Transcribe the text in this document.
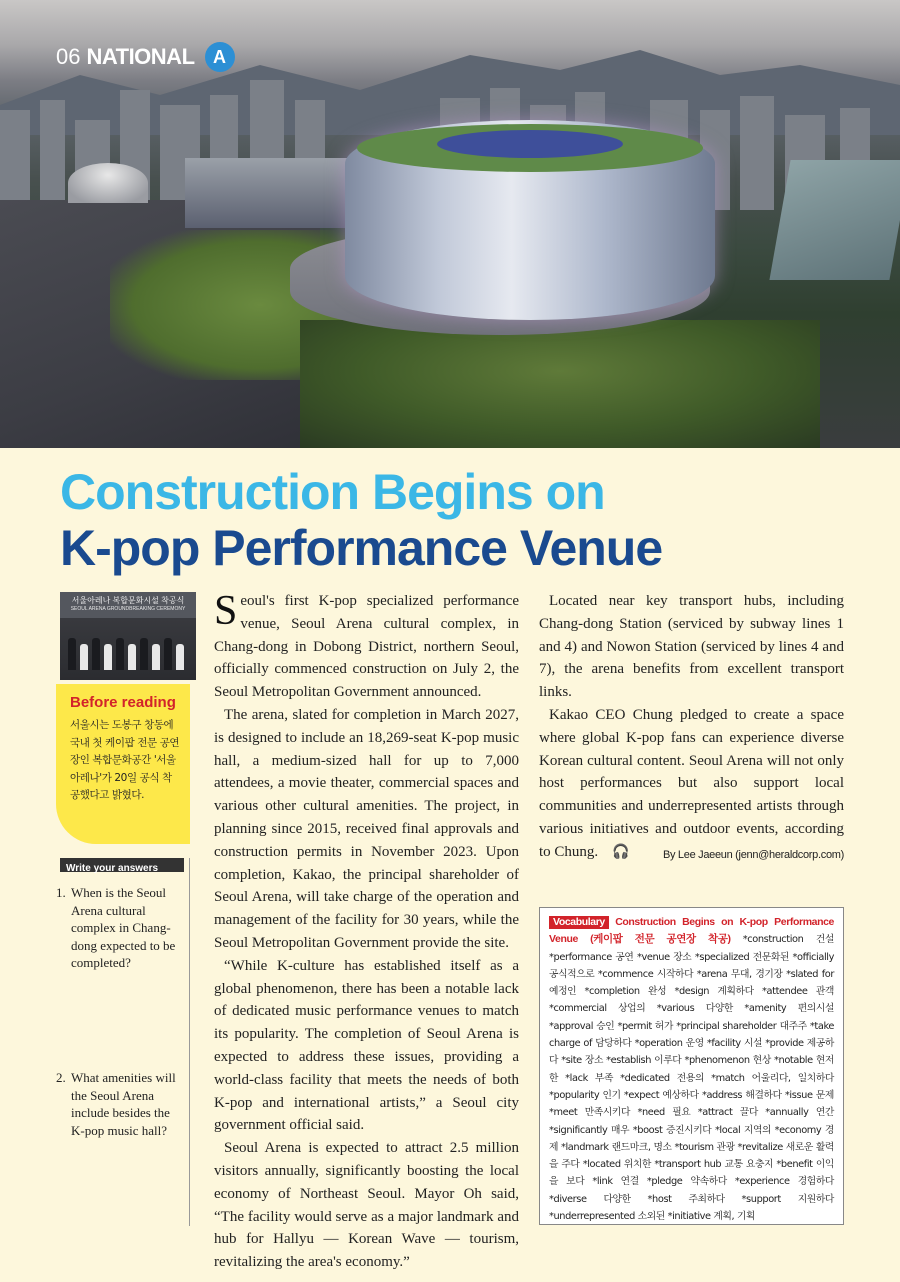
06 NATIONAL	A
Construction Begins on
K-pop Performance Venue
서울아레나 복합문화시설 착공식
SEOUL ARENA GROUNDBREAKING CEREMONY
Before reading
서울시는 도봉구 창동에 국내 첫 케이팝 전문 공연장인 복합문화공간 '서울아레나'가 20일 공식 착공했다고 밝혔다.
Write your answers
1. When is the Seoul Arena cultural complex in Chang-dong expected to be completed?
2. What amenities will the Seoul Arena include besides the K-pop music hall?

Seoul's first K-pop specialized performance venue, Seoul Arena cultural complex, in Chang-dong in Dobong District, northern Seoul, officially commenced construction on July 2, the Seoul Metropolitan Government announced.

The arena, slated for completion in March 2027, is designed to include an 18,269-seat K-pop music hall, a medium-sized hall for up to 7,000 attendees, a movie theater, commercial spaces and various other cultural amenities. The project, in planning since 2015, received final approvals and construction permits in November 2023. Upon completion, Kakao, the principal shareholder of Seoul Arena, will take charge of the operation and management of the facility for 30 years, while the Seoul Metropolitan Government provide the site.

“While K-culture has established itself as a global phenomenon, there has been a notable lack of dedicated music performance venues to match its popularity. The completion of Seoul Arena is expected to address these issues, providing a world-class facility that meets the needs of both K-pop and international artists,” a Seoul city government official said.

Seoul Arena is expected to attract 2.5 million visitors annually, significantly boosting the local economy of Northeast Seoul. Mayor Oh said, “The facility would serve as a major landmark and hub for Hallyu — Korean Wave — tourism, revitalizing the area's economy.”

Located near key transport hubs, including Chang-dong Station (serviced by subway lines 1 and 4) and Nowon Station (serviced by lines 4 and 7), the arena benefits from excellent transport links.

Kakao CEO Chung pledged to create a space where global K-pop fans can experience diverse Korean cultural content. Seoul Arena will not only host performances but also support local communities and underrepresented artists through various initiatives and outdoor events, according to Chung. 🎧	By Lee Jaeeun (jenn@heraldcorp.com)
Vocabulary Construction Begins on K-pop Performance Venue (케이팝 전문 공연장 착공) *construction 건설 *performance 공연 *venue 장소 *specialized 전문화된 *officially 공식적으로 *commence 시작하다 *arena 무대, 경기장 *slated for 예정인 *completion 완성 *design 계획하다 *attendee 관객 *commercial 상업의 *various 다양한 *amenity 편의시설 *approval 승인 *permit 허가 *principal shareholder 대주주 *take charge of 담당하다 *operation 운영 *facility 시설 *provide 제공하다 *site 장소 *establish 이루다 *phenomenon 현상 *notable 현저한 *lack 부족 *dedicated 전용의 *match 어울리다, 일치하다 *popularity 인기 *expect 예상하다 *address 해결하다 *issue 문제 *meet 만족시키다 *need 필요 *attract 끌다 *annually 연간 *significantly 매우 *boost 증진시키다 *local 지역의 *economy 경제 *landmark 랜드마크, 명소 *tourism 관광 *revitalize 새로운 활력을 주다 *located 위치한 *transport hub 교통 요충지 *benefit 이익을 보다 *link 연결 *pledge 약속하다 *experience 경험하다 *diverse 다양한 *host 주최하다 *support 지원하다 *underrepresented 소외된 *initiative 계획, 기획
